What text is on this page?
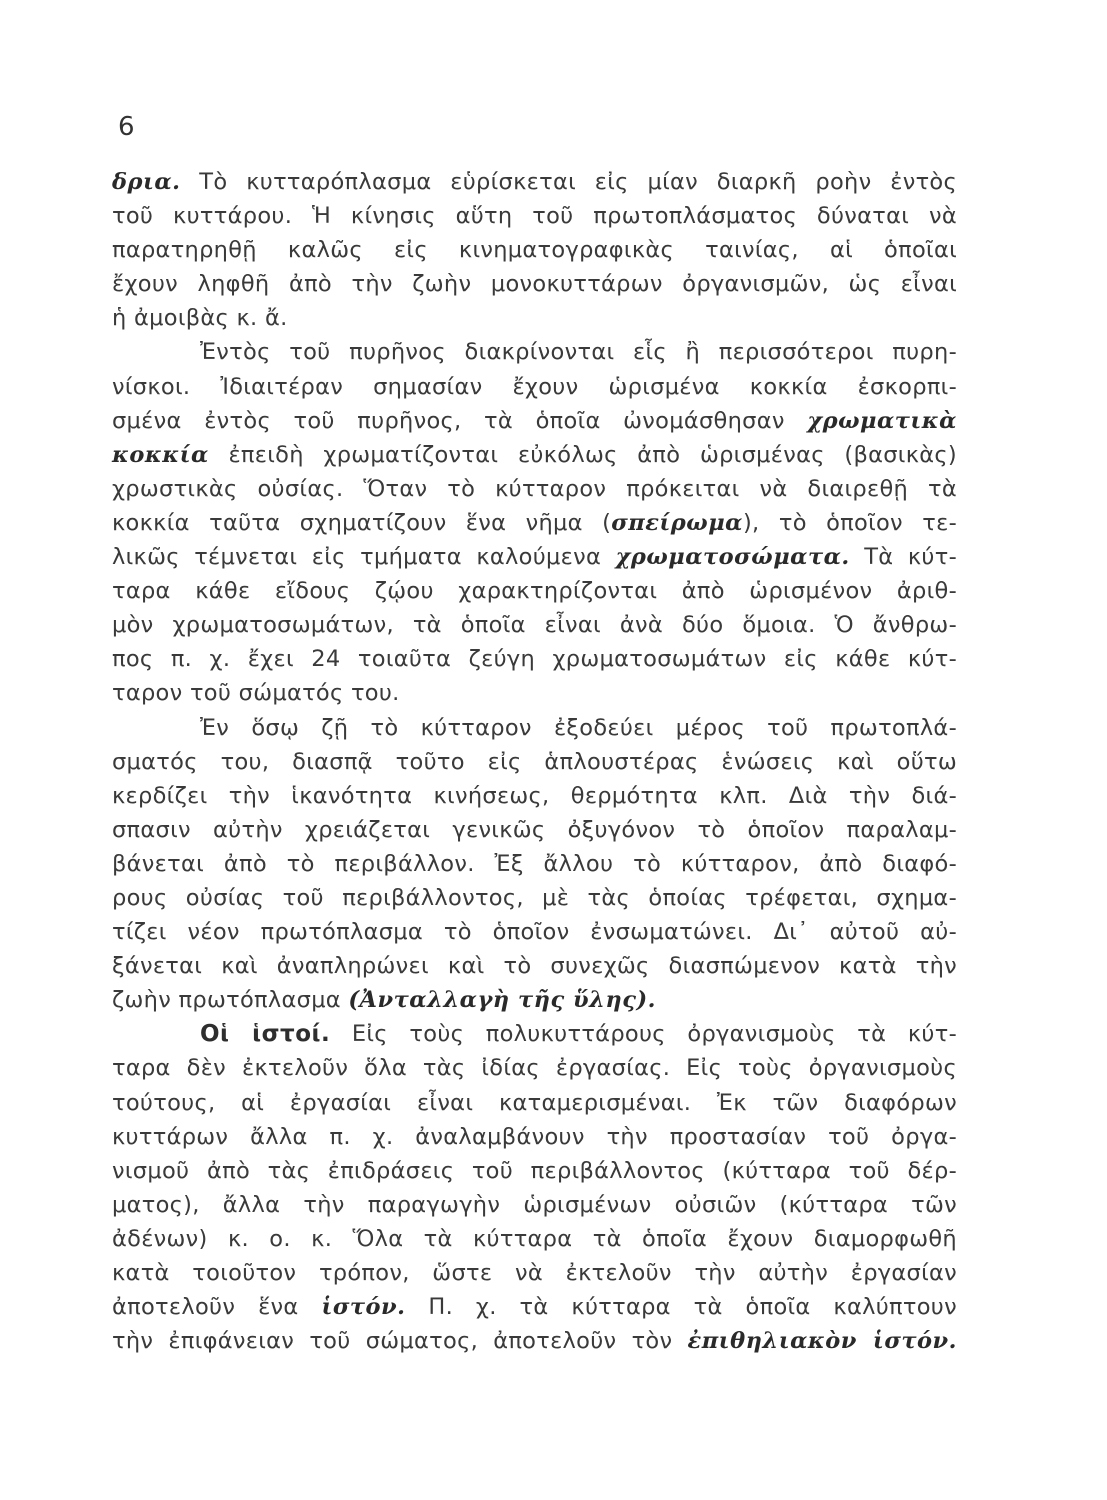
6
δρια. Τὸ κυτταρόπλασμα εὑρίσκεται εἰς μίαν διαρκῆ ροὴν ἐντὸς
τοῦ κυττάρου. Ἡ κίνησις αὕτη τοῦ πρωτοπλάσματος δύναται νὰ
παρατηρηθῇ καλῶς εἰς κινηματογραφικὰς ταινίας, αἱ ὁποῖαι
ἔχουν ληφθῆ ἀπὸ τὴν ζωὴν μονοκυττάρων ὀργανισμῶν, ὡς εἶναι
ἡ ἀμοιβὰς κ. ἄ.
Ἐντὸς τοῦ πυρῆνος διακρίνονται εἷς ἢ περισσότεροι πυρη-
νίσκοι. Ἰδιαιτέραν σημασίαν ἔχουν ὡρισμένα κοκκία ἐσκορπι-
σμένα ἐντὸς τοῦ πυρῆνος, τὰ ὁποῖα ὠνομάσθησαν χρωματικὰ
κοκκία ἐπειδὴ χρωματίζονται εὐκόλως ἀπὸ ὡρισμένας (βασικὰς)
χρωστικὰς οὐσίας. Ὅταν τὸ κύτταρον πρόκειται νὰ διαιρεθῇ τὰ
κοκκία ταῦτα σχηματίζουν ἕνα νῆμα (σπείρωμα), τὸ ὁποῖον τε-
λικῶς τέμνεται εἰς τμήματα καλούμενα χρωματοσώματα. Τὰ κύτ-
ταρα κάθε εἴδους ζῴου χαρακτηρίζονται ἀπὸ ὡρισμένον ἀριθ-
μὸν χρωματοσωμάτων, τὰ ὁποῖα εἶναι ἀνὰ δύο ὅμοια. Ὁ ἄνθρω-
πος π. χ. ἔχει 24 τοιαῦτα ζεύγη χρωματοσωμάτων εἰς κάθε κύτ-
ταρον τοῦ σώματός του.
Ἐν ὅσῳ ζῇ τὸ κύτταρον ἐξοδεύει μέρος τοῦ πρωτοπλά-
σματός του, διασπᾷ τοῦτο εἰς ἁπλουστέρας ἑνώσεις καὶ οὕτω
κερδίζει τὴν ἱκανότητα κινήσεως, θερμότητα κλπ. Διὰ τὴν διά-
σπασιν αὐτὴν χρειάζεται γενικῶς ὀξυγόνον τὸ ὁποῖον παραλαμ-
βάνεται ἀπὸ τὸ περιβάλλον. Ἐξ ἄλλου τὸ κύτταρον, ἀπὸ διαφό-
ρους οὐσίας τοῦ περιβάλλοντος, μὲ τὰς ὁποίας τρέφεται, σχημα-
τίζει νέον πρωτόπλασμα τὸ ὁποῖον ἐνσωματώνει. Δι᾽ αὐτοῦ αὐ-
ξάνεται καὶ ἀναπληρώνει καὶ τὸ συνεχῶς διασπώμενον κατὰ τὴν
ζωὴν πρωτόπλασμα (Ἀνταλλαγὴ τῆς ὕλης).
Οἱ ἱστοί. Εἰς τοὺς πολυκυττάρους ὀργανισμοὺς τὰ κύτ-
ταρα δὲν ἐκτελοῦν ὅλα τὰς ἰδίας ἐργασίας. Εἰς τοὺς ὀργανισμοὺς
τούτους, αἱ ἐργασίαι εἶναι καταμερισμέναι. Ἐκ τῶν διαφόρων
κυττάρων ἄλλα π. χ. ἀναλαμβάνουν τὴν προστασίαν τοῦ ὀργα-
νισμοῦ ἀπὸ τὰς ἐπιδράσεις τοῦ περιβάλλοντος (κύτταρα τοῦ δέρ-
ματος), ἄλλα τὴν παραγωγὴν ὡρισμένων οὐσιῶν (κύτταρα τῶν
ἀδένων) κ. ο. κ. Ὅλα τὰ κύτταρα τὰ ὁποῖα ἔχουν διαμορφωθῆ
κατὰ τοιοῦτον τρόπον, ὥστε νὰ ἐκτελοῦν τὴν αὐτὴν ἐργασίαν
ἀποτελοῦν ἕνα ἱστόν. Π. χ. τὰ κύτταρα τὰ ὁποῖα καλύπτουν
τὴν ἐπιφάνειαν τοῦ σώματος, ἀποτελοῦν τὸν ἐπιθηλιακὸν ἱστόν.
